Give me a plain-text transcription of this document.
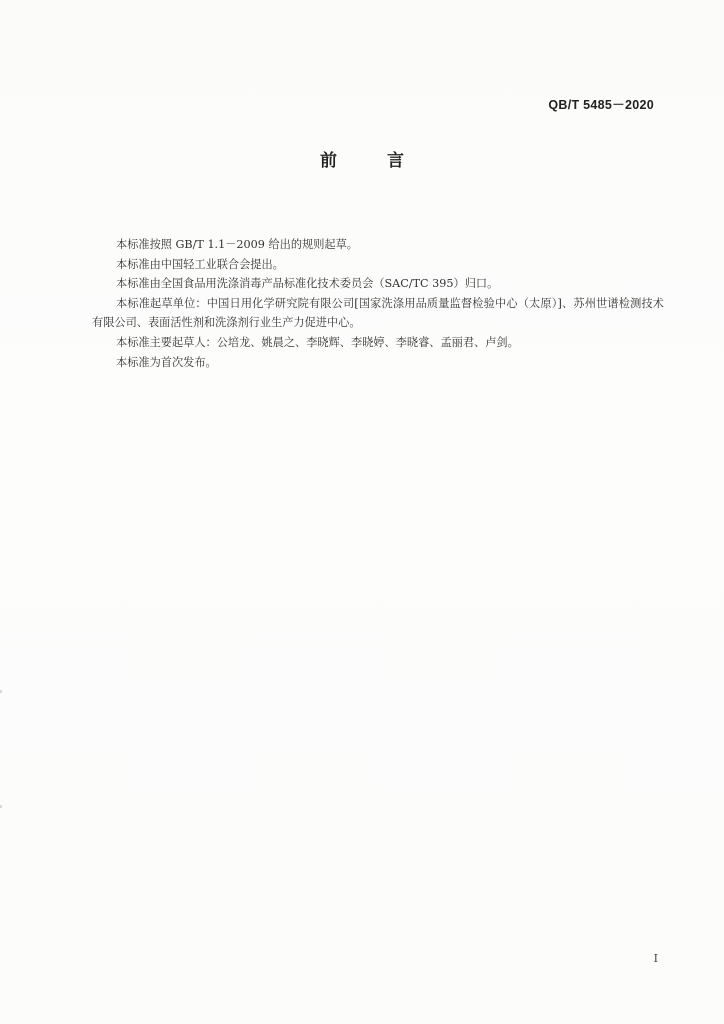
QB/T 5485－2020
前 言

本标准按照 GB/T 1.1－2009 给出的规则起草。

本标准由中国轻工业联合会提出。

本标准由全国食品用洗涤消毒产品标准化技术委员会（SAC/TC 395）归口。

本标准起草单位：中国日用化学研究院有限公司[国家洗涤用品质量监督检验中心（太原）]、苏州世谱检测技术有限公司、表面活性剂和洗涤剂行业生产力促进中心。

本标准主要起草人：公培龙、姚晨之、李晓辉、李晓婷、李晓睿、孟丽君、卢剑。

本标准为首次发布。

I
